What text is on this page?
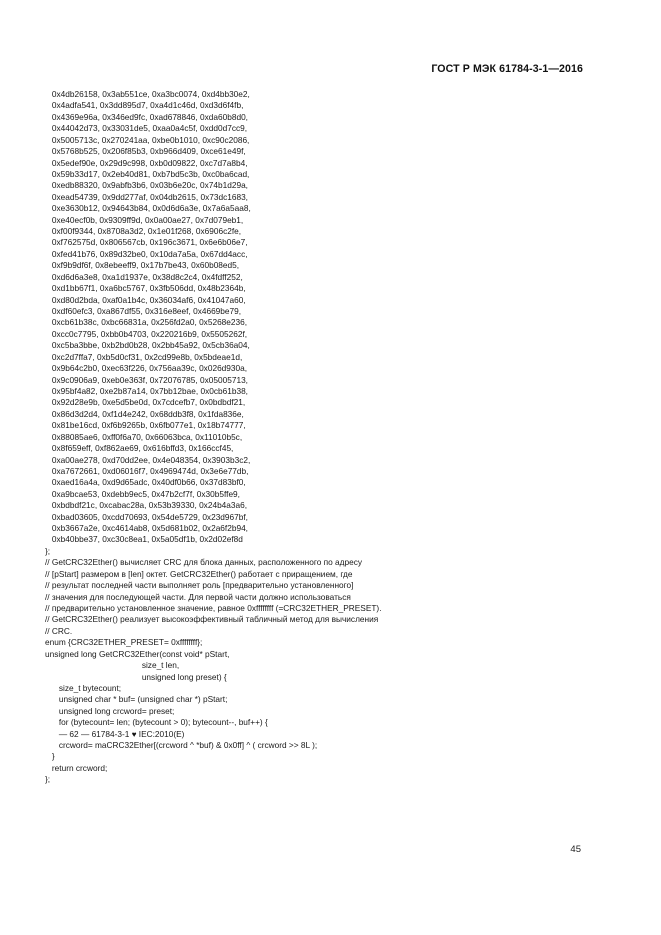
ГОСТ Р МЭК 61784-3-1—2016
0x4db26158, 0x3ab551ce, 0xa3bc0074, 0xd4bb30e2,
0x4adfa541, 0x3dd895d7, 0xa4d1c46d, 0xd3d6f4fb,
0x4369e96a, 0x346ed9fc, 0xad678846, 0xda60b8d0,
0x44042d73, 0x33031de5, 0xaa0a4c5f, 0xdd0d7cc9,
0x5005713c, 0x270241aa, 0xbe0b1010, 0xc90c2086,
0x5768b525, 0x206f85b3, 0xb966d409, 0xce61e49f,
0x5edef90e, 0x29d9c998, 0xb0d09822, 0xc7d7a8b4,
0x59b33d17, 0x2eb40d81, 0xb7bd5c3b, 0xc0ba6cad,
0xedb88320, 0x9abfb3b6, 0x03b6e20c, 0x74b1d29a,
0xead54739, 0x9dd277af, 0x04db2615, 0x73dc1683,
0xe3630b12, 0x94643b84, 0x0d6d6a3e, 0x7a6a5aa8,
0xe40ecf0b, 0x9309ff9d, 0x0a00ae27, 0x7d079eb1,
0xf00f9344, 0x8708a3d2, 0x1e01f268, 0x6906c2fe,
0xf762575d, 0x806567cb, 0x196c3671, 0x6e6b06e7,
0xfed41b76, 0x89d32be0, 0x10da7a5a, 0x67dd4acc,
0xf9b9df6f, 0x8ebeeff9, 0x17b7be43, 0x60b08ed5,
0xd6d6a3e8, 0xa1d1937e, 0x38d8c2c4, 0x4fdff252,
0xd1bb67f1, 0xa6bc5767, 0x3fb506dd, 0x48b2364b,
0xd80d2bda, 0xaf0a1b4c, 0x36034af6, 0x41047a60,
0xdf60efc3, 0xa867df55, 0x316e8eef, 0x4669be79,
0xcb61b38c, 0xbc66831a, 0x256fd2a0, 0x5268e236,
0xcc0c7795, 0xbb0b4703, 0x220216b9, 0x5505262f,
0xc5ba3bbe, 0xb2bd0b28, 0x2bb45a92, 0x5cb36a04,
0xc2d7ffa7, 0xb5d0cf31, 0x2cd99e8b, 0x5bdeae1d,
0x9b64c2b0, 0xec63f226, 0x756aa39c, 0x026d930a,
0x9c0906a9, 0xeb0e363f, 0x72076785, 0x05005713,
0x95bf4a82, 0xe2b87a14, 0x7bb12bae, 0x0cb61b38,
0x92d28e9b, 0xe5d5be0d, 0x7cdcefb7, 0x0bdbdf21,
0x86d3d2d4, 0xf1d4e242, 0x68ddb3f8, 0x1fda836e,
0x81be16cd, 0xf6b9265b, 0x6fb077e1, 0x18b74777,
0x88085ae6, 0xff0f6a70, 0x66063bca, 0x11010b5c,
0x8f659eff, 0xf862ae69, 0x616bffd3, 0x166ccf45,
0xa00ae278, 0xd70dd2ee, 0x4e048354, 0x3903b3c2,
0xa7672661, 0xd06016f7, 0x4969474d, 0x3e6e77db,
0xaed16a4a, 0xd9d65adc, 0x40df0b66, 0x37d83bf0,
0xa9bcae53, 0xdebb9ec5, 0x47b2cf7f, 0x30b5ffe9,
0xbdbdf21c, 0xcabac28a, 0x53b39330, 0x24b4a3a6,
0xbad03605, 0xcdd70693, 0x54de5729, 0x23d967bf,
0xb3667a2e, 0xc4614ab8, 0x5d681b02, 0x2a6f2b94,
0xb40bbe37, 0xc30c8ea1, 0x5a05df1b, 0x2d02ef8d
};
// GetCRC32Ether() вычисляет CRC для блока данных, расположенного по адресу
// [pStart] размером в [len] октет. GetCRC32Ether() работает с приращением, где
// результат последней части выполняет роль [предварительно установленного]
// значения для последующей части. Для первой части должно использоваться
// предварительно установленное значение, равное 0xffffffff (=CRC32ETHER_PRESET).
// GetCRC32Ether() реализует высокоэффективный табличный метод для вычисления
// CRC.
enum {CRC32ETHER_PRESET= 0xffffffff};
unsigned long GetCRC32Ether(const void* pStart,
size_t len,
unsigned long preset) {
size_t bytecount;
unsigned char * buf= (unsigned char *) pStart;
unsigned long crcword= preset;
for (bytecount= len; (bytecount > 0); bytecount--, buf++) {
— 62 — 61784-3-1 ♥ IEC:2010(E)
crcword= maCRC32Ether[(crcword ^ *buf) & 0x0ff] ^ ( crcword >> 8L );
}
return crcword;
};
45
